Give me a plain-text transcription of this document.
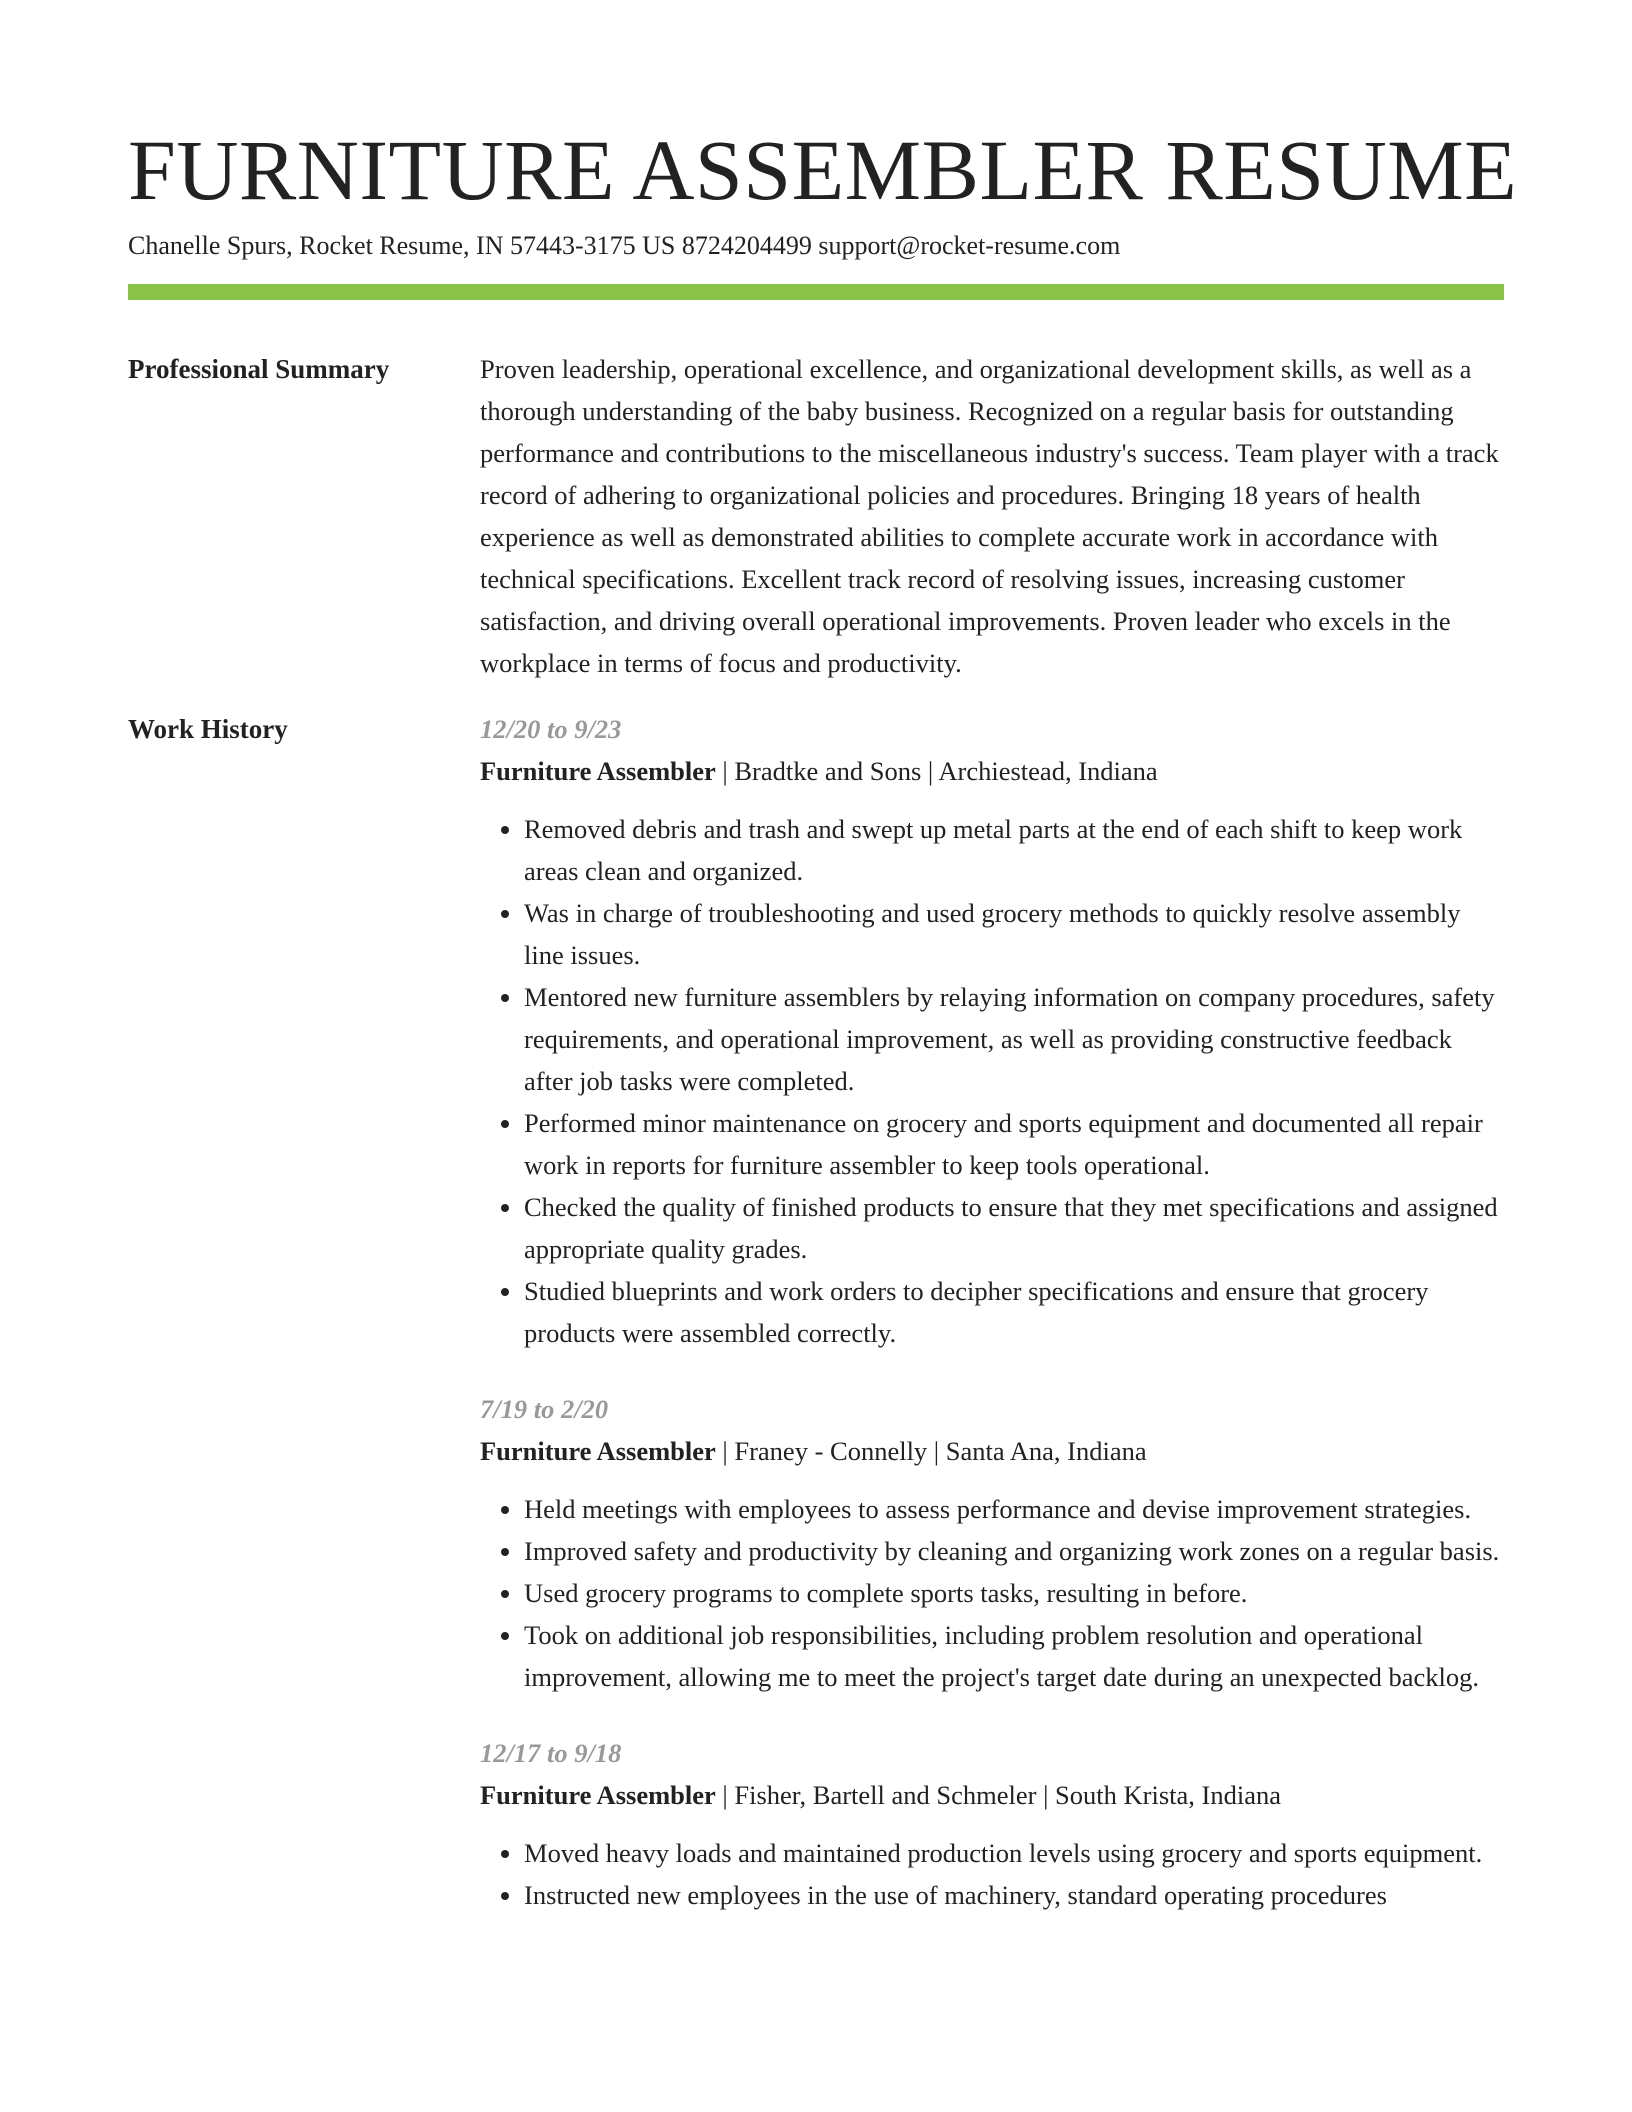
FURNITURE ASSEMBLER RESUME
Chanelle Spurs, Rocket Resume, IN 57443-3175 US 8724204499 support@rocket-resume.com
Professional Summary	Proven leadership, operational excellence, and organizational development skills, as well as a thorough understanding of the baby business. Recognized on a regular basis for outstanding performance and contributions to the miscellaneous industry's success. Team player with a track record of adhering to organizational policies and procedures. Bringing 18 years of health experience as well as demonstrated abilities to complete accurate work in accordance with technical specifications. Excellent track record of resolving issues, increasing customer satisfaction, and driving overall operational improvements. Proven leader who excels in the workplace in terms of focus and productivity.

Work History	12/20 to 9/23
Furniture Assembler | Bradtke and Sons | Archiestead, Indiana
• Removed debris and trash and swept up metal parts at the end of each shift to keep work areas clean and organized.
• Was in charge of troubleshooting and used grocery methods to quickly resolve assembly line issues.
• Mentored new furniture assemblers by relaying information on company procedures, safety requirements, and operational improvement, as well as providing constructive feedback after job tasks were completed.
• Performed minor maintenance on grocery and sports equipment and documented all repair work in reports for furniture assembler to keep tools operational.
• Checked the quality of finished products to ensure that they met specifications and assigned appropriate quality grades.
• Studied blueprints and work orders to decipher specifications and ensure that grocery products were assembled correctly.
7/19 to 2/20
Furniture Assembler | Franey - Connelly | Santa Ana, Indiana
• Held meetings with employees to assess performance and devise improvement strategies.
• Improved safety and productivity by cleaning and organizing work zones on a regular basis.
• Used grocery programs to complete sports tasks, resulting in before.
• Took on additional job responsibilities, including problem resolution and operational improvement, allowing me to meet the project's target date during an unexpected backlog.
12/17 to 9/18
Furniture Assembler | Fisher, Bartell and Schmeler | South Krista, Indiana
• Moved heavy loads and maintained production levels using grocery and sports equipment.
• Instructed new employees in the use of machinery, standard operating procedures
